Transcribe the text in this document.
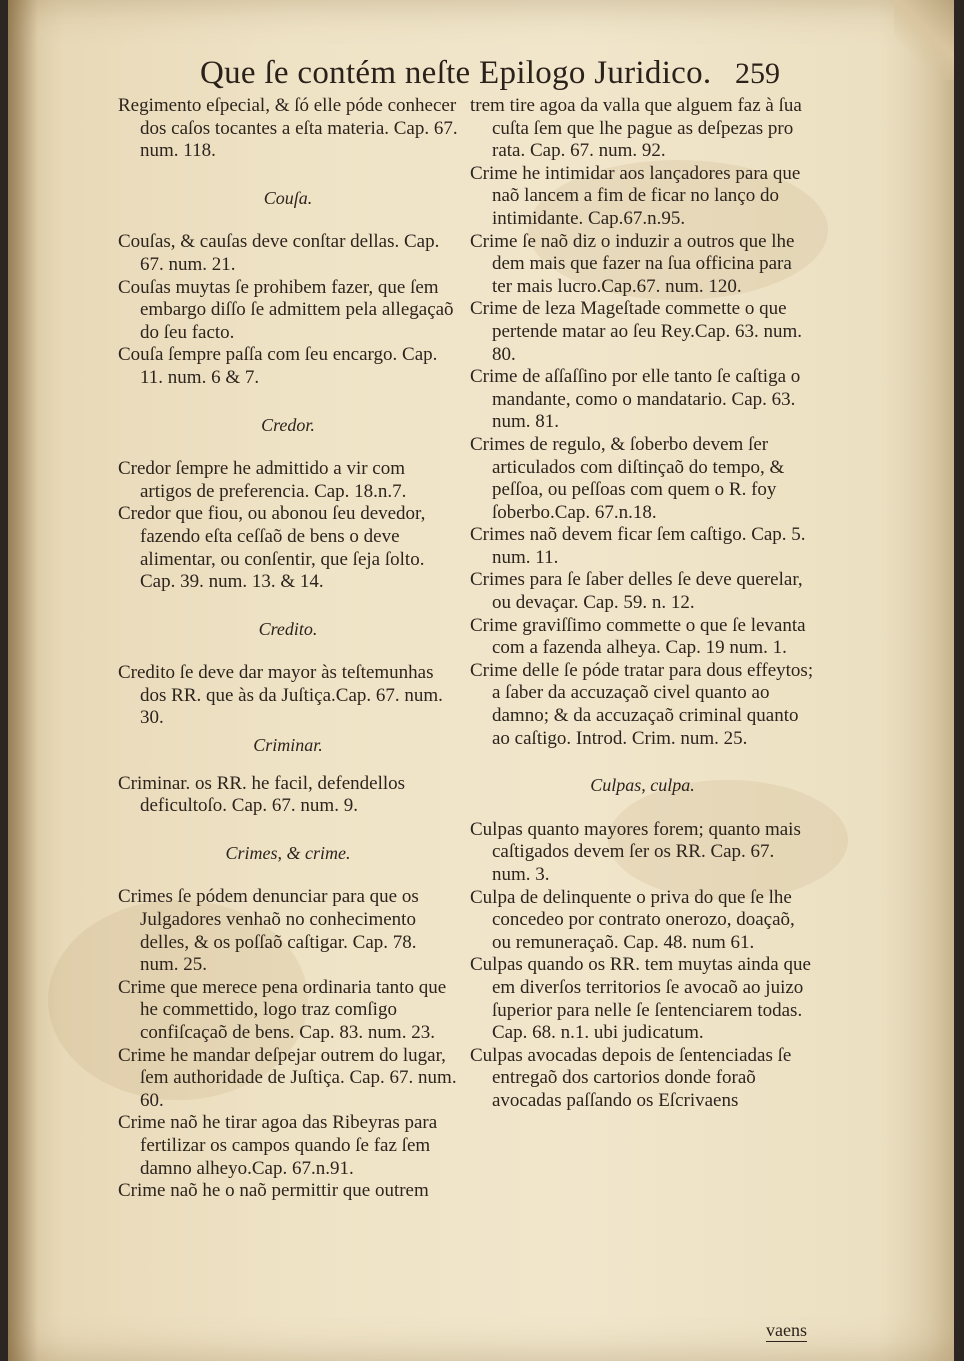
Que ſe contém neſte Epilogo Juridico. 259

Regimento eſpecial, & ſó elle póde conhecer dos caſos tocantes a eſta materia. Cap. 67. num. 118.

Couſa.

Couſas, & cauſas deve conſtar dellas. Cap. 67. num. 21.

Couſas muytas ſe prohibem fazer, que ſem embargo diſſo ſe admittem pela allegaçaõ do ſeu facto.

Couſa ſempre paſſa com ſeu encargo. Cap. 11. num. 6 & 7.

Credor.

Credor ſempre he admittido a vir com artigos de preferencia. Cap. 18.n.7.

Credor que fiou, ou abonou ſeu devedor, fazendo eſta ceſſaõ de bens o deve alimentar, ou conſentir, que ſeja ſolto. Cap. 39. num. 13. & 14.

Credito.

Credito ſe deve dar mayor às teſtemunhas dos RR. que às da Juſtiça.Cap. 67. num. 30.

Criminar.

Criminar. os RR. he facil, defendellos deficultoſo. Cap. 67. num. 9.

Crimes, & crime.

Crimes ſe pódem denunciar para que os Julgadores venhaõ no conhecimento delles, & os poſſaõ caſtigar. Cap. 78. num. 25.

Crime que merece pena ordinaria tanto que he commettido, logo traz comſigo confiſcaçaõ de bens. Cap. 83. num. 23.

Crime he mandar deſpejar outrem do lugar, ſem authoridade de Juſtiça. Cap. 67. num. 60.

Crime naõ he tirar agoa das Ribeyras para fertilizar os campos quando ſe faz ſem damno alheyo.Cap. 67.n.91.

Crime naõ he o naõ permittir que outrem

trem tire agoa da valla que alguem faz à ſua cuſta ſem que lhe pague as deſpezas pro rata. Cap. 67. num. 92.

Crime he intimidar aos lançadores para que naõ lancem a fim de ficar no lanço do intimidante. Cap.67.n.95.

Crime ſe naõ diz o induzir a outros que lhe dem mais que fazer na ſua officina para ter mais lucro.Cap.67. num. 120.

Crime de leza Mageſtade commette o que pertende matar ao ſeu Rey.Cap. 63. num. 80.

Crime de aſſaſſino por elle tanto ſe caſtiga o mandante, como o mandatario. Cap. 63. num. 81.

Crimes de regulo, & ſoberbo devem ſer articulados com diſtinçaõ do tempo, & peſſoa, ou peſſoas com quem o R. foy ſoberbo.Cap. 67.n.18.

Crimes naõ devem ficar ſem caſtigo. Cap. 5. num. 11.

Crimes para ſe ſaber delles ſe deve querelar, ou devaçar. Cap. 59. n. 12.

Crime graviſſimo commette o que ſe levanta com a fazenda alheya. Cap. 19 num. 1.

Crime delle ſe póde tratar para dous effeytos; a ſaber da accuzaçaõ civel quanto ao damno; & da accuzaçaõ criminal quanto ao caſtigo. Introd. Crim. num. 25.

Culpas, culpa.

Culpas quanto mayores forem; quanto mais caſtigados devem ſer os RR. Cap. 67. num. 3.

Culpa de delinquente o priva do que ſe lhe concedeo por contrato onerozo, doaçaõ, ou remuneraçaõ. Cap. 48. num 61.

Culpas quando os RR. tem muytas ainda que em diverſos territorios ſe avocaõ ao juizo ſuperior para nelle ſe ſentenciarem todas. Cap. 68. n.1. ubi judicatum.

Culpas avocadas depois de ſentenciadas ſe entregaõ dos cartorios donde foraõ avocadas paſſando os Eſcrivaens

vaens
